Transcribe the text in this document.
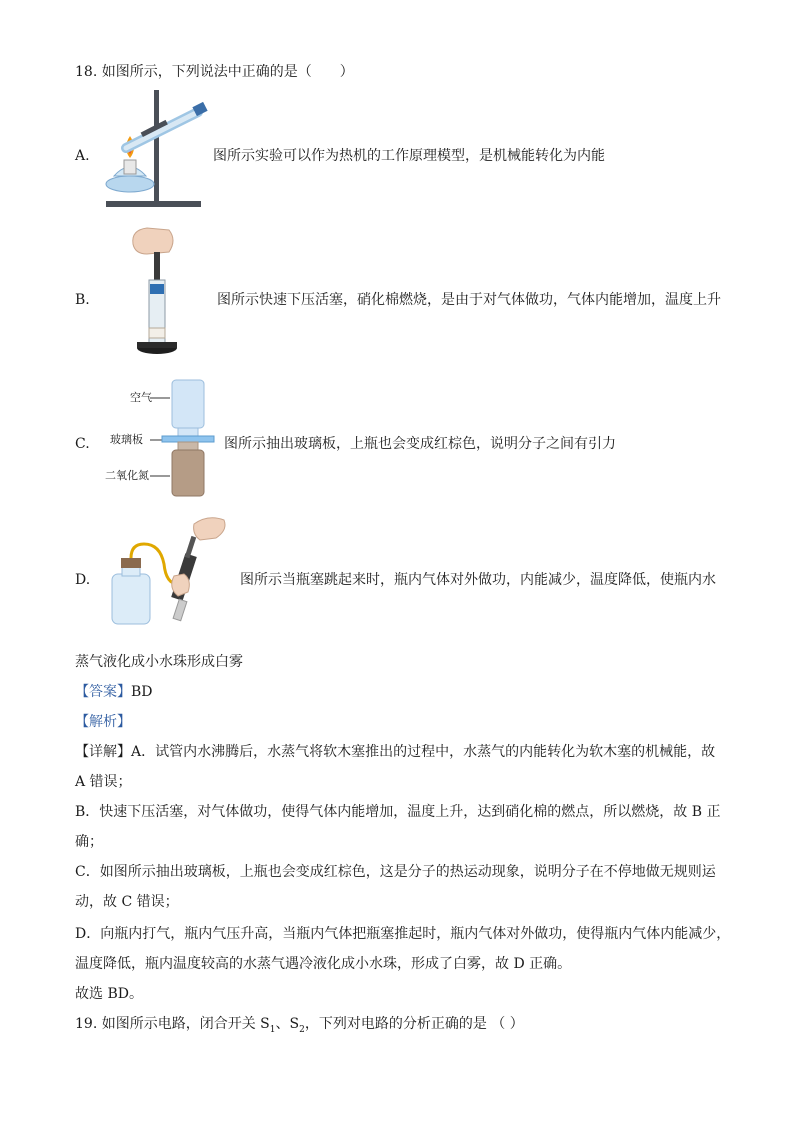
18. 如图所示，下列说法中正确的是（　　）
A.	图所示实验可以作为热机的工作原理模型，是机械能转化为内能
B.	图所示快速下压活塞，硝化棉燃烧，是由于对气体做功，气体内能增加，温度上升
C.
空气
玻璃板
二氧化氮
图所示抽出玻璃板，上瓶也会变成红棕色，说明分子之间有引力
D.	图所示当瓶塞跳起来时，瓶内气体对外做功，内能减少，温度降低，使瓶内水
蒸气液化成小水珠形成白雾
【答案】BD
【解析】
【详解】A．试管内水沸腾后，水蒸气将软木塞推出的过程中，水蒸气的内能转化为软木塞的机械能，故
A 错误；
B．快速下压活塞，对气体做功，使得气体内能增加，温度上升，达到硝化棉的燃点，所以燃烧，故 B 正
确；
C．如图所示抽出玻璃板，上瓶也会变成红棕色，这是分子的热运动现象，说明分子在不停地做无规则运
动，故 C 错误；
D．向瓶内打气，瓶内气压升高，当瓶内气体把瓶塞推起时，瓶内气体对外做功，使得瓶内气体内能减少，
温度降低，瓶内温度较高的水蒸气遇冷液化成小水珠，形成了白雾，故 D 正确。
故选 BD。
19. 如图所示电路，闭合开关 $S_1$、$S_2$，下列对电路的分析正确的是 （ ）
